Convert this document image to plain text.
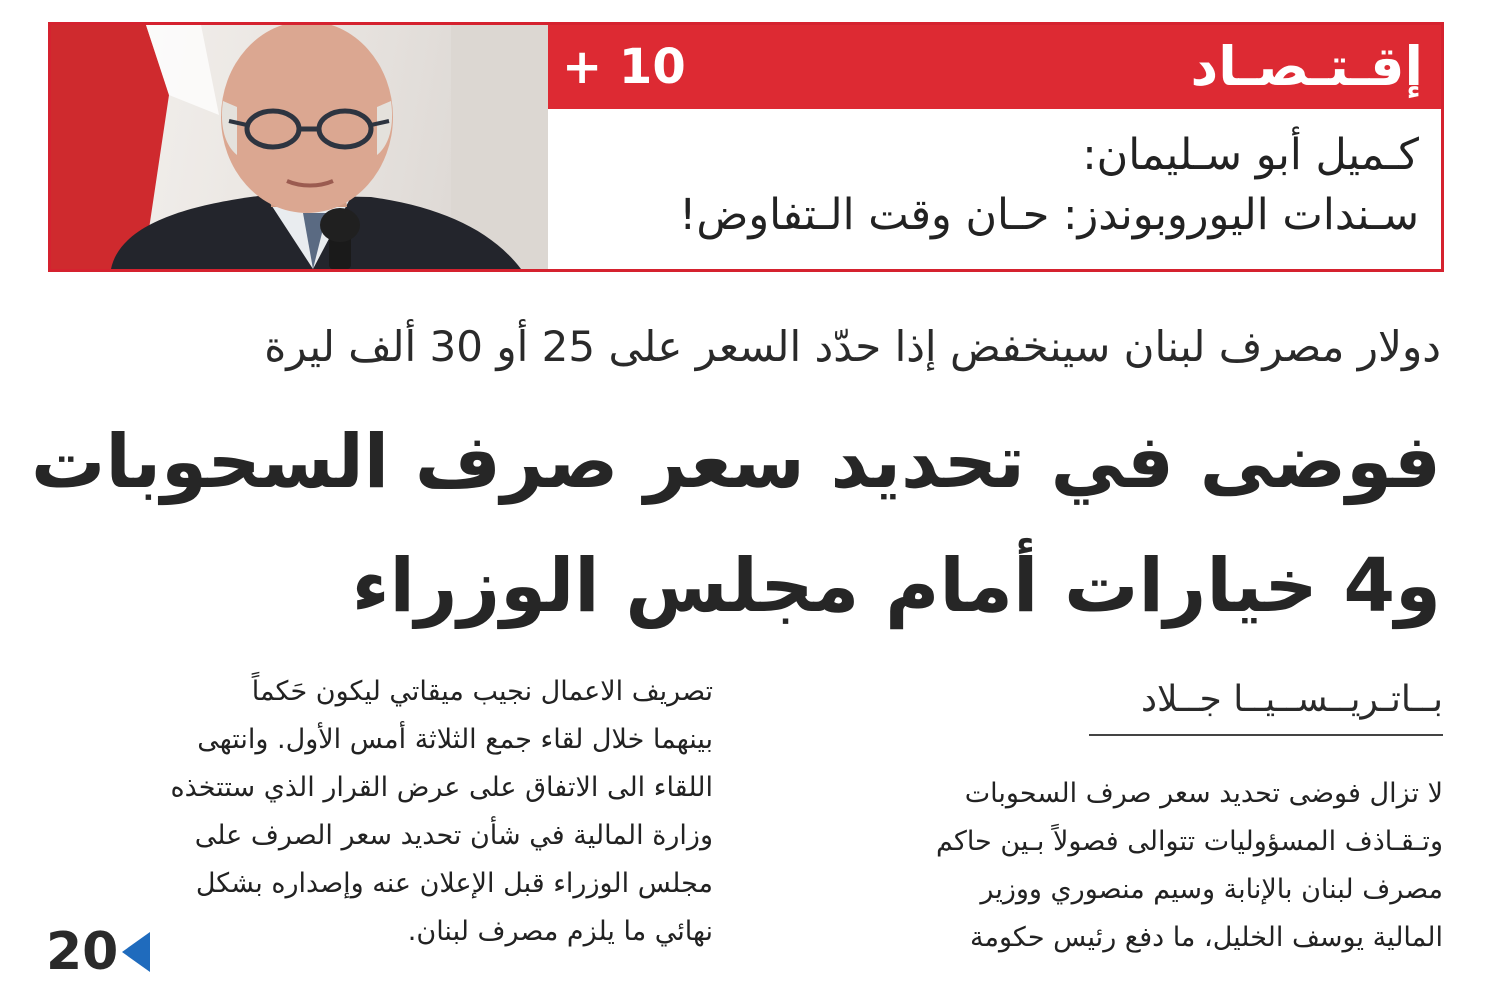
إقـتـصـاد
+ 10
كـميل أبو سـليمان:
سـندات اليوروبوندز: حـان وقت الـتفاوض!
دولار مصرف لبنان سينخفض إذا حدّد السعر على 25 أو 30 ألف ليرة
فوضى في تحديد سعر صرف السحوبات
و4 خيارات أمام مجلس الوزراء
بــاتـريــســيــا جــلاد
لا تزال فوضى تحديد سعر صرف السحوبات
وتـقـاذف المسؤوليات تتوالى فصولاً بـين حاكم
مصرف لبنان بالإنابة وسيم منصوري ووزير
المالية يوسف الخليل، ما دفع رئيس حكومة
تصريف الاعمال نجيب ميقاتي ليكون حَكماً
بينهما خلال لقاء جمع الثلاثة أمس الأول. وانتهى
اللقاء الى الاتفاق على عرض القرار الذي ستتخذه
وزارة المالية في شأن تحديد سعر الصرف على
مجلس الوزراء قبل الإعلان عنه وإصداره بشكل
نهائي ما يلزم مصرف لبنان.
20
